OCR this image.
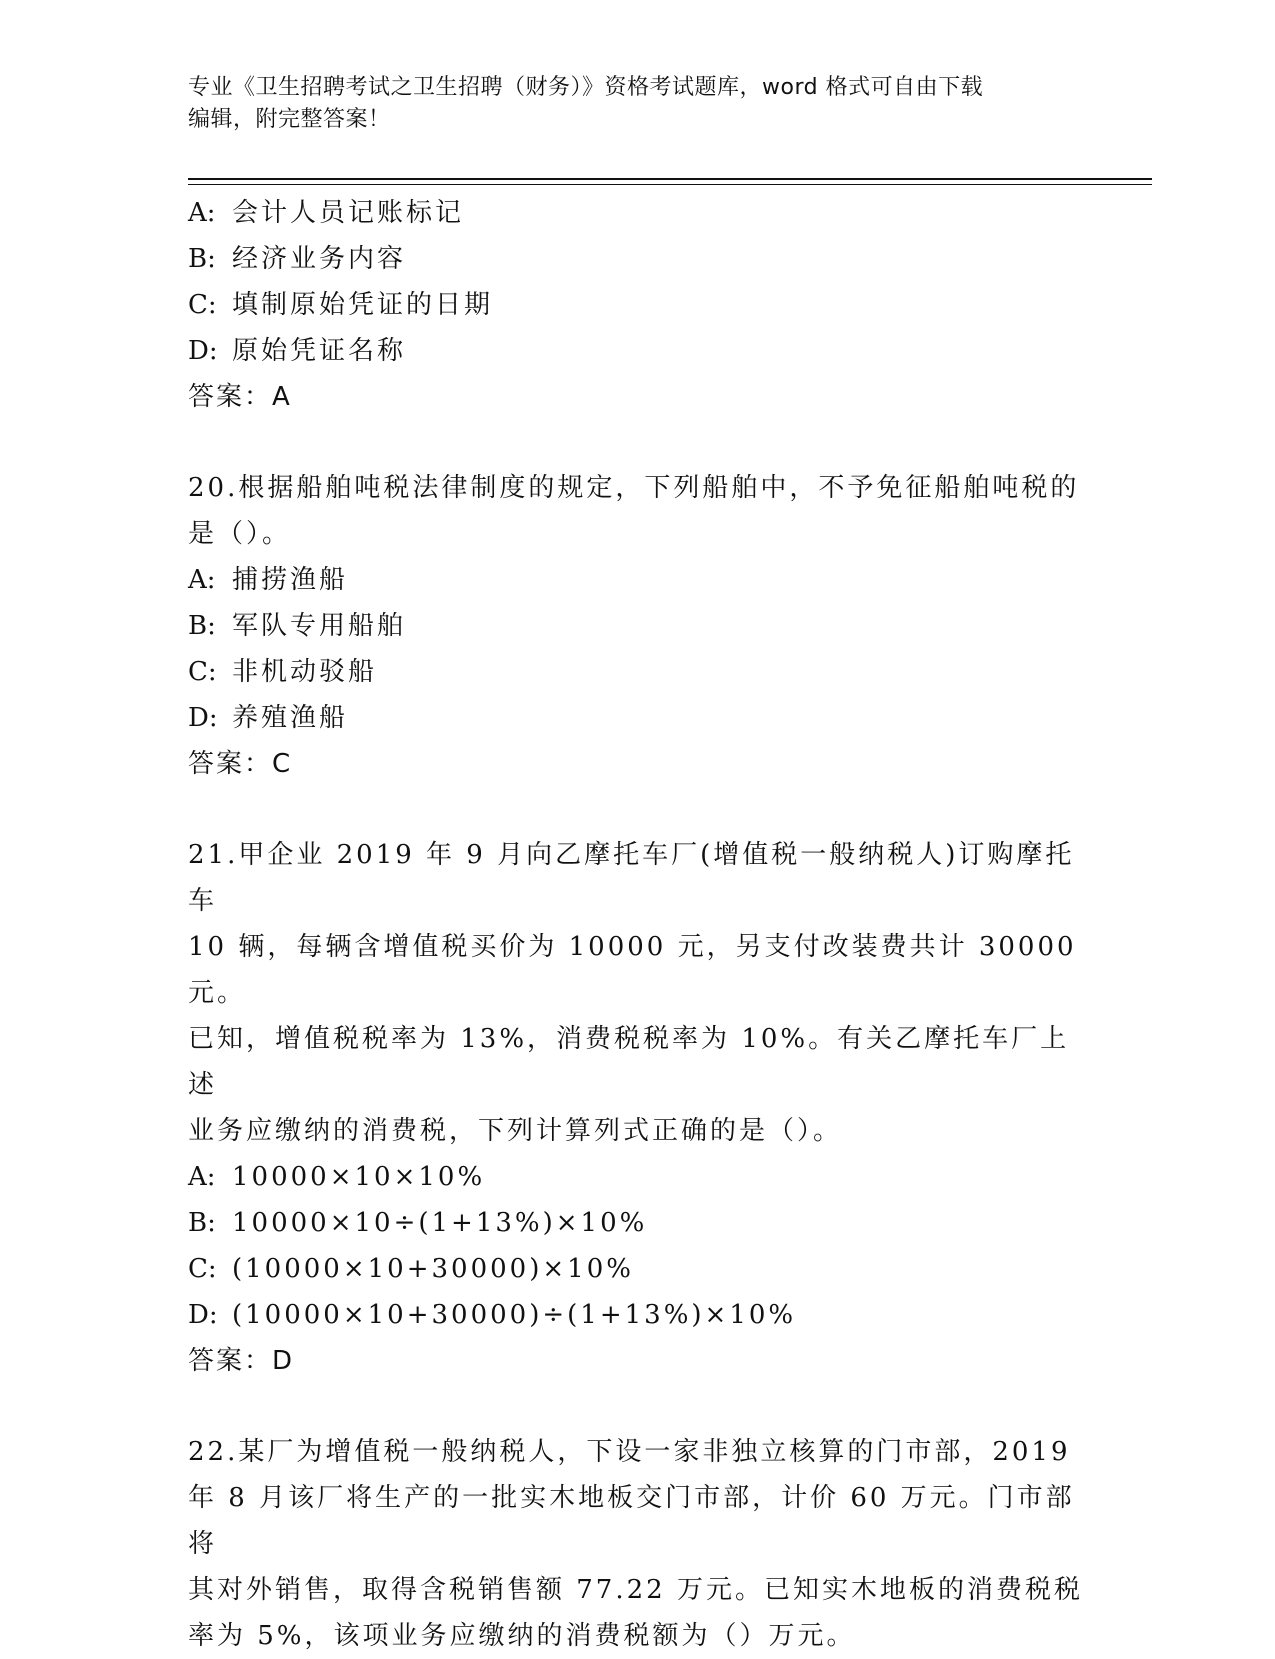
专业《卫生招聘考试之卫生招聘（财务）》资格考试题库，word 格式可自由下载
编辑，附完整答案！
A: 会计人员记账标记
B: 经济业务内容
C: 填制原始凭证的日期
D: 原始凭证名称
答案：A
20.根据船舶吨税法律制度的规定，下列船舶中，不予免征船舶吨税的
是（）。
A: 捕捞渔船
B: 军队专用船舶
C: 非机动驳船
D: 养殖渔船
答案：C
21.甲企业 2019 年 9 月向乙摩托车厂(增值税一般纳税人)订购摩托车
10 辆，每辆含增值税买价为 10000 元，另支付改装费共计 30000 元。
已知，增值税税率为 13%，消费税税率为 10%。有关乙摩托车厂上述
业务应缴纳的消费税，下列计算列式正确的是（）。
A: 10000×10×10%
B: 10000×10÷(1+13%)×10%
C: (10000×10+30000)×10%
D: (10000×10+30000)÷(1+13%)×10%
答案：D
22.某厂为增值税一般纳税人，下设一家非独立核算的门市部，2019
年 8 月该厂将生产的一批实木地板交门市部，计价 60 万元。门市部将
其对外销售，取得含税销售额 77.22 万元。已知实木地板的消费税税
率为 5%，该项业务应缴纳的消费税额为（）万元。
